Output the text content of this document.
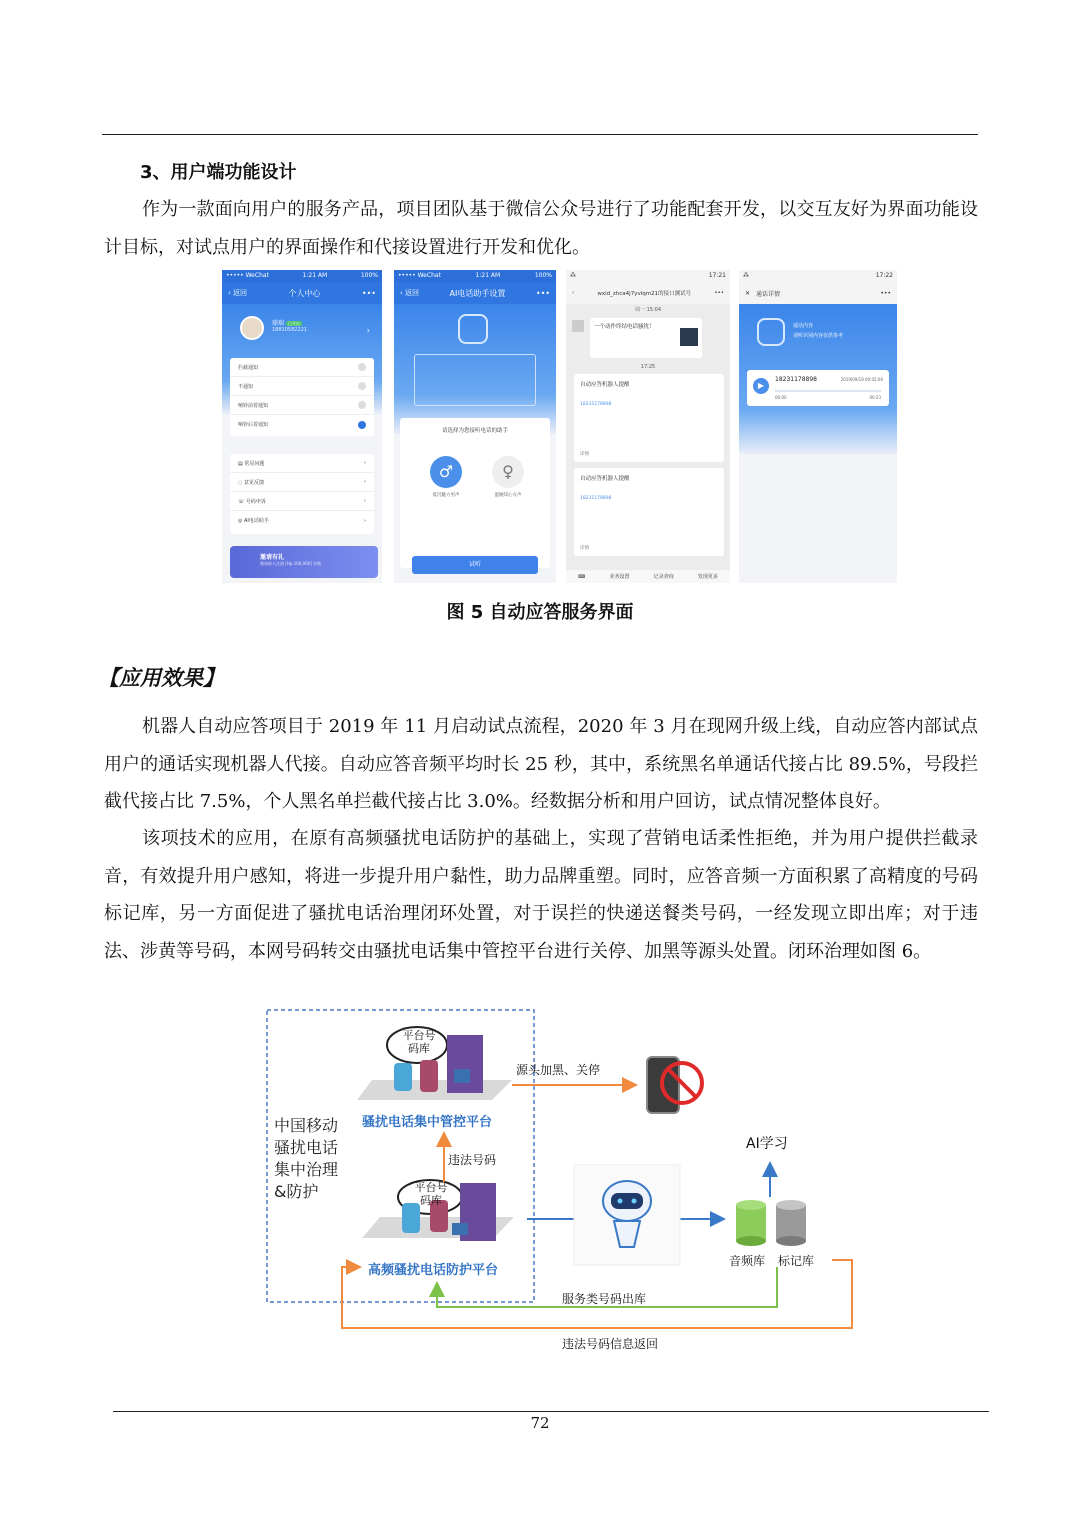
3、用户端功能设计
作为一款面向用户的服务产品，项目团队基于微信公众号进行了功能配套开发，以交互友好为界面功能设计目标，对试点用户的界面操作和代接设置进行开发和优化。
••••• WeChat	1:21 AM	100%
‹ 返回	个人中心	•••
鼎瑞 已开启
18810582221	›
拦截通知
不通知
响铃前着通知
响铃后着通知
▤ 常见问题	›
◌ 意见反馈	›
☏ 号码申诉	›
◎ AI电话助手	›
邀请有礼
邀请新人注册 [Hp 100,000] 实物
••••• WeChat	1:21 AM	100%
‹ 返回	AI电话助手设置	•••
请选择为您接听电话的助手
♂	♀
低沉魅力男声	温婉知心女声
试听
⁂	17:21
‹	wxid_zhca4j7yvlqm21的接口测试号	•••
周一 15:04
一个动作终结电话骚扰！
17:25
自动应答机器人提醒
18231178898
详情
自动应答机器人提醒
18231178898
详情
⌨	业务设置	记录查询	发现更多
⁂	17:22
✕ 通话详情	•••
通话内容
请听识别内容仅供参考
▶
18231178898	2019/09/18 00:02:00
00:00	00:23
图 5 自动应答服务界面
【应用效果】
机器人自动应答项目于 2019 年 11 月启动试点流程，2020 年 3 月在现网升级上线，自动应答内部试点用户的通话实现机器人代接。自动应答音频平均时长 25 秒，其中，系统黑名单通话代接占比 89.5%，号段拦截代接占比 7.5%，个人黑名单拦截代接占比 3.0%。经数据分析和用户回访，试点情况整体良好。
该项技术的应用，在原有高频骚扰电话防护的基础上，实现了营销电话柔性拒绝，并为用户提供拦截录音，有效提升用户感知，将进一步提升用户黏性，助力品牌重塑。同时，应答音频一方面积累了高精度的号码标记库，另一方面促进了骚扰电话治理闭环处置，对于误拦的快递送餐类号码，一经发现立即出库；对于违法、涉黄等号码，本网号码转交由骚扰电话集中管控平台进行关停、加黑等源头处置。闭环治理如图 6。
中国移动
骚扰电话
集中治理
&防护
平台号码库
平台号码库
骚扰电话集中管控平台
高频骚扰电话防护平台
源头加黑、关停
违法号码
AI学习
音频库 标记库
服务类号码出库
违法号码信息返回
72
